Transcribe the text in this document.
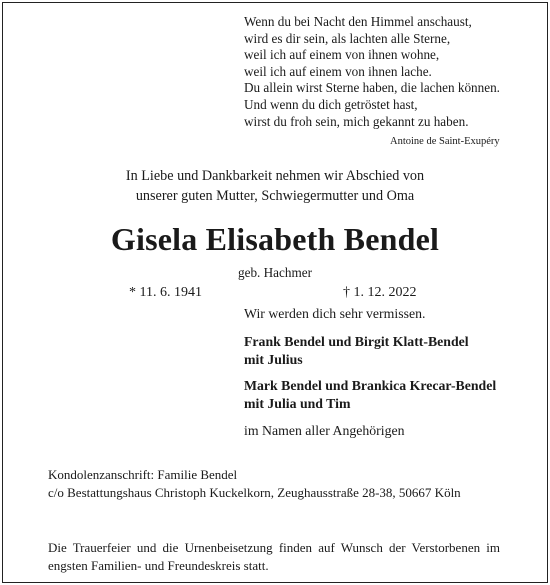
Wenn du bei Nacht den Himmel anschaust,
wird es dir sein, als lachten alle Sterne,
weil ich auf einem von ihnen wohne,
weil ich auf einem von ihnen lache.
Du allein wirst Sterne haben, die lachen können.
Und wenn du dich getröstet hast,
wirst du froh sein, mich gekannt zu haben.
Antoine de Saint-Exupéry
In Liebe und Dankbarkeit nehmen wir Abschied von
unserer guten Mutter, Schwiegermutter und Oma
Gisela Elisabeth Bendel
geb. Hachmer
* 11. 6. 1941	† 1. 12. 2022
Wir werden dich sehr vermissen.
Frank Bendel und Birgit Klatt-Bendel
mit Julius
Mark Bendel und Brankica Krecar-Bendel
mit Julia und Tim
im Namen aller Angehörigen
Kondolenzanschrift: Familie Bendel
c/o Bestattungshaus Christoph Kuckelkorn, Zeughausstraße 28-38, 50667 Köln
Die Trauerfeier und die Urnenbeisetzung finden auf Wunsch der Verstorbenen im engsten Familien- und Freundeskreis statt.
